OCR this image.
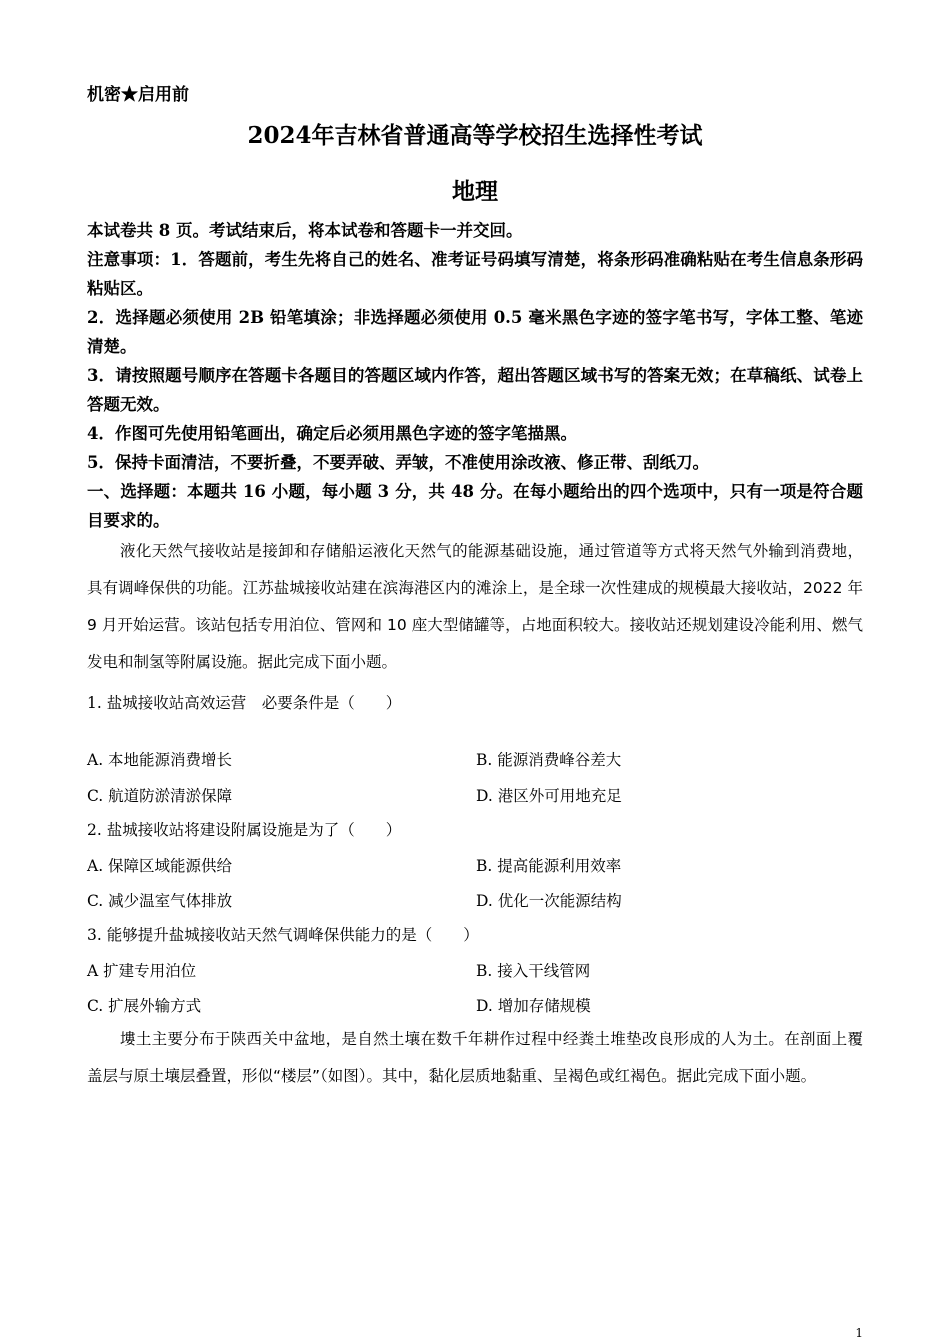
机密★启用前
2024年吉林省普通高等学校招生选择性考试
地理
本试卷共 8 页。考试结束后，将本试卷和答题卡一并交回。
注意事项：1．答题前，考生先将自己的姓名、准考证号码填写清楚，将条形码准确粘贴在考生信息条形码粘贴区。
2．选择题必须使用 2B 铅笔填涂；非选择题必须使用 0.5 毫米黑色字迹的签字笔书写，字体工整、笔迹清楚。
3．请按照题号顺序在答题卡各题目的答题区域内作答，超出答题区域书写的答案无效；在草稿纸、试卷上答题无效。
4．作图可先使用铅笔画出，确定后必须用黑色字迹的签字笔描黑。
5．保持卡面清洁，不要折叠，不要弄破、弄皱，不准使用涂改液、修正带、刮纸刀。
一、选择题：本题共 16 小题，每小题 3 分，共 48 分。在每小题给出的四个选项中，只有一项是符合题目要求的。
液化天然气接收站是接卸和存储船运液化天然气的能源基础设施，通过管道等方式将天然气外输到消费地，具有调峰保供的功能。江苏盐城接收站建在滨海港区内的滩涂上，是全球一次性建成的规模最大接收站，2022 年 9 月开始运营。该站包括专用泊位、管网和 10 座大型储罐等，占地面积较大。接收站还规划建设冷能利用、燃气发电和制氢等附属设施。据此完成下面小题。
1. 盐城接收站高效运营　必要条件是（　　）
A. 本地能源消费增长	B. 能源消费峰谷差大
C. 航道防淤清淤保障	D. 港区外可用地充足
2. 盐城接收站将建设附属设施是为了（　　）
A. 保障区域能源供给	B. 提高能源利用效率
C. 减少温室气体排放	D. 优化一次能源结构
3. 能够提升盐城接收站天然气调峰保供能力的是（　　）
A 扩建专用泊位	B. 接入干线管网
C. 扩展外输方式	D. 增加存储规模
塿土主要分布于陕西关中盆地，是自然土壤在数千年耕作过程中经粪土堆垫改良形成的人为土。在剖面上覆盖层与原土壤层叠置，形似“楼层”（如图）。其中，黏化层质地黏重、呈褐色或红褐色。据此完成下面小题。
1
